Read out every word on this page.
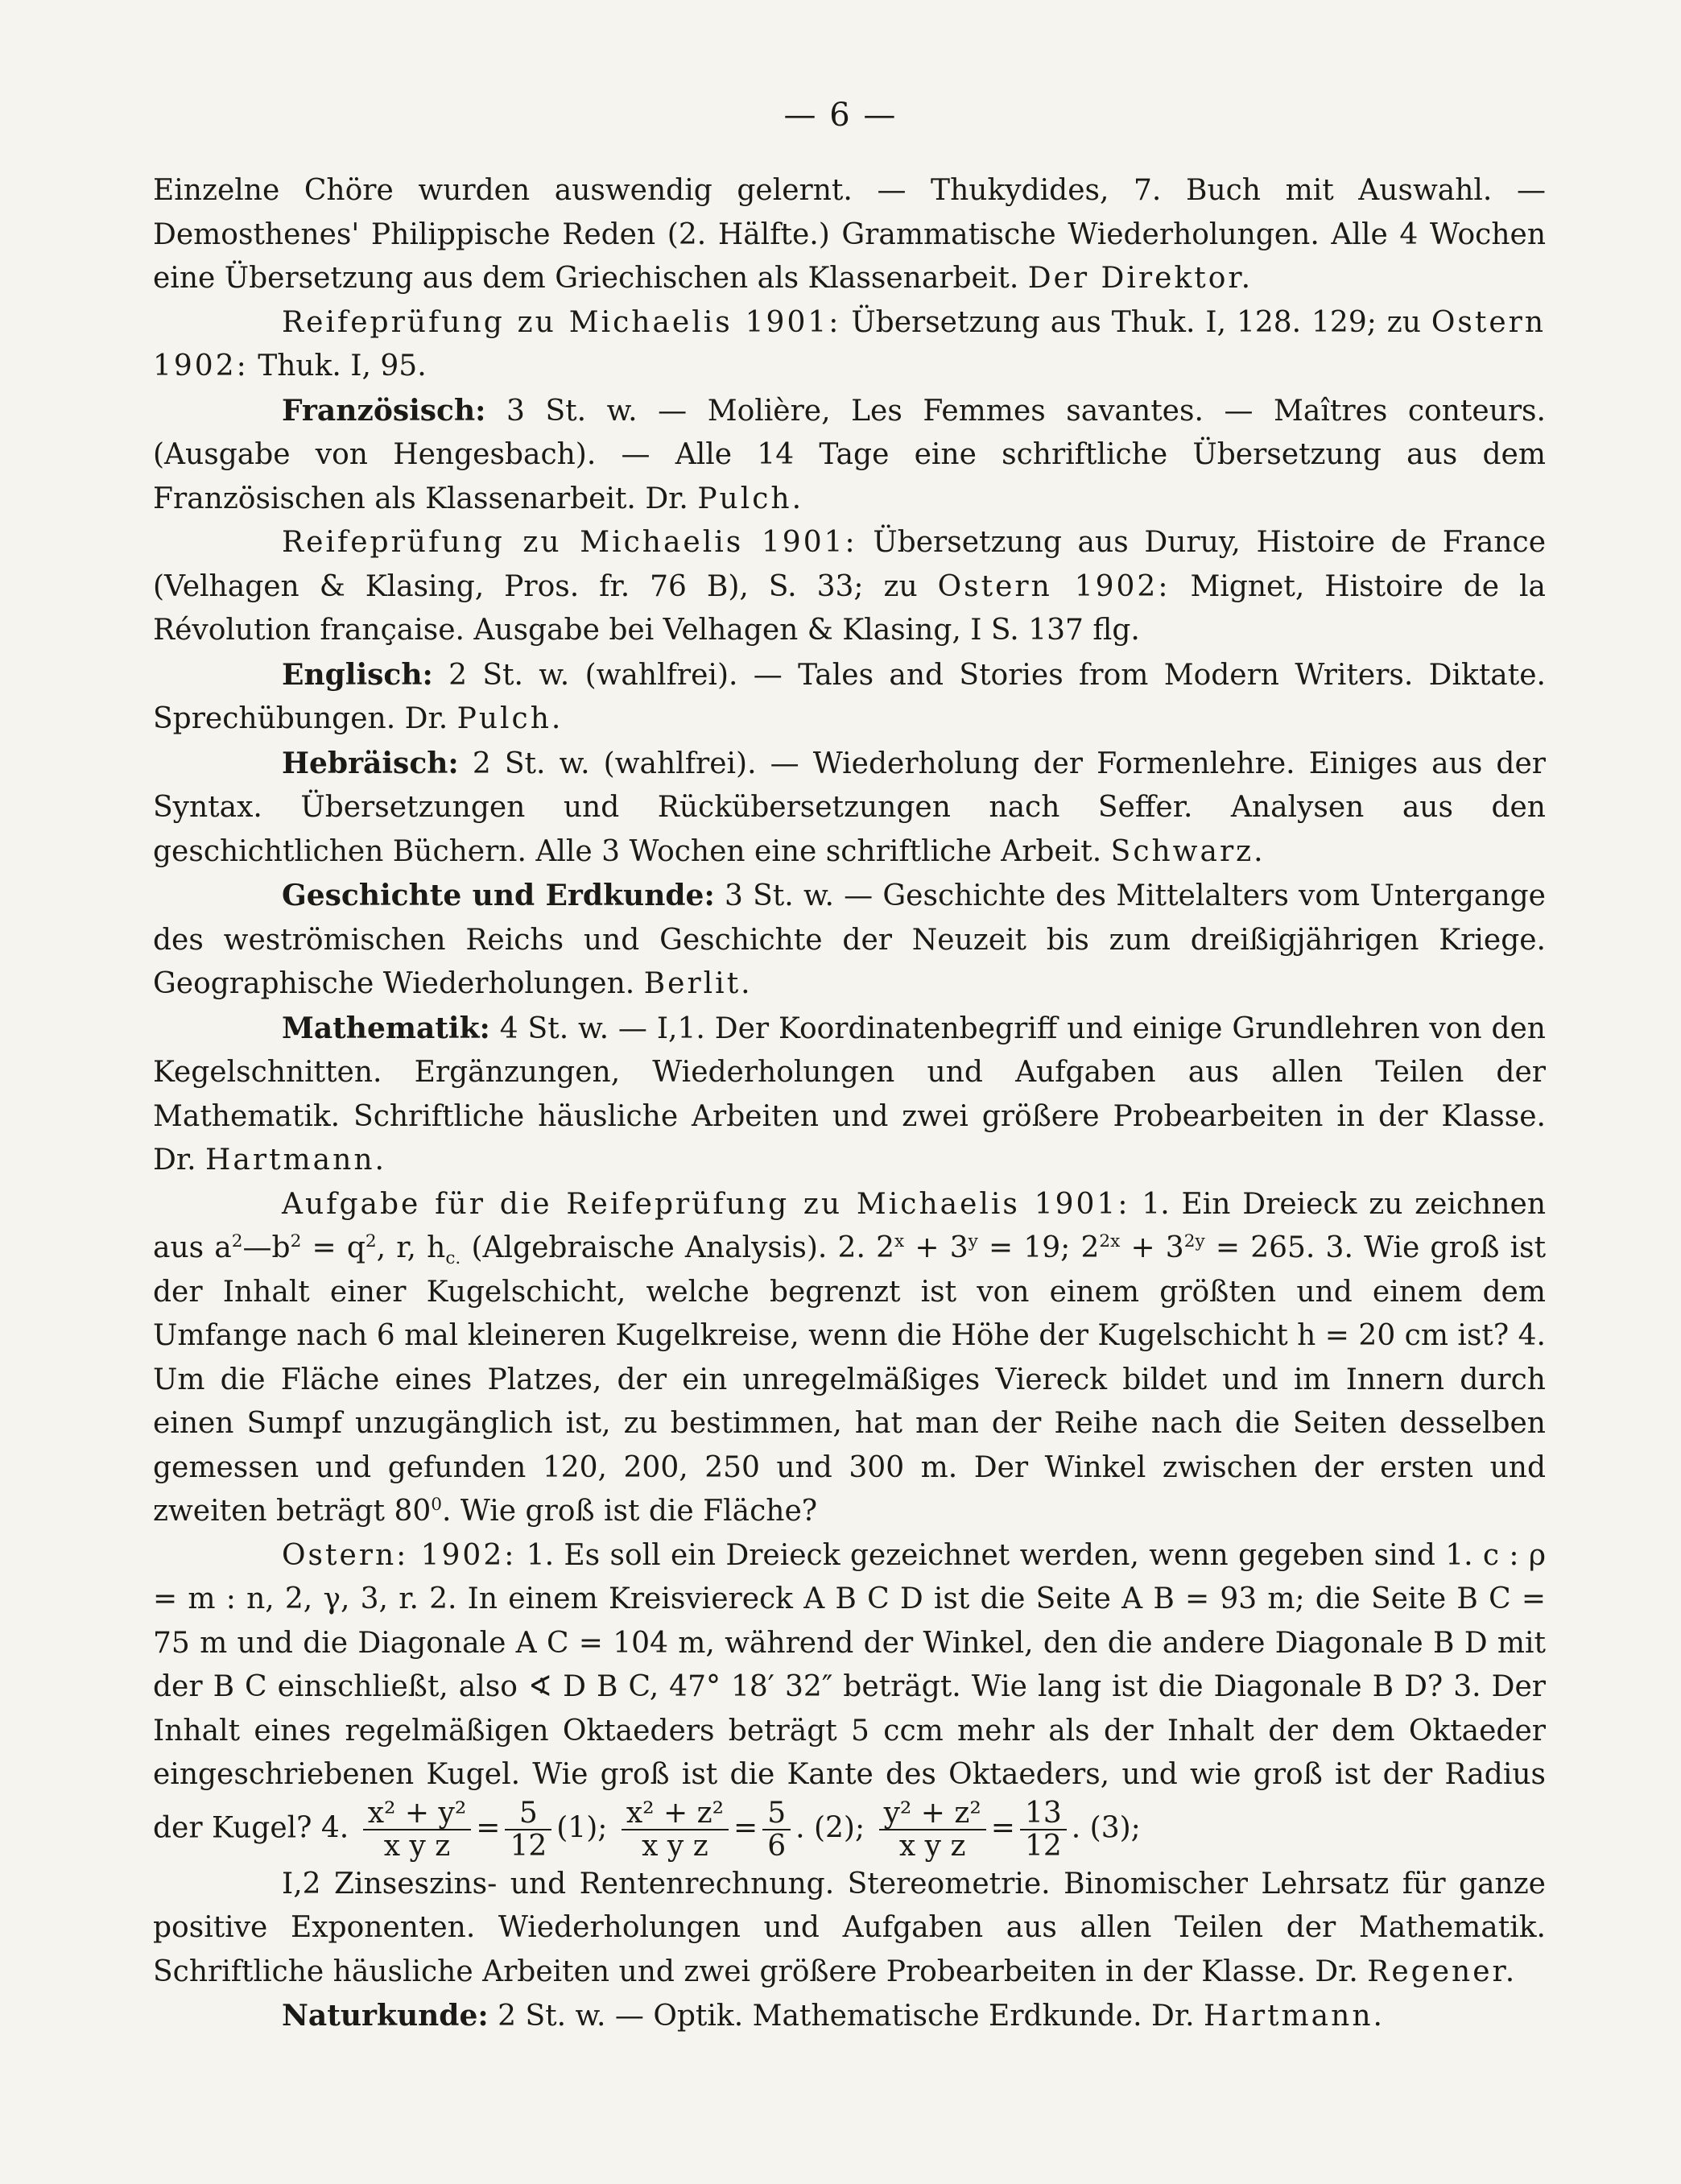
— 6 —

Einzelne Chöre wurden auswendig gelernt. — Thukydides, 7. Buch mit Auswahl. — Demosthenes' Philippische Reden (2. Hälfte.) Grammatische Wiederholungen. Alle 4 Wochen eine Übersetzung aus dem Griechischen als Klassenarbeit. Der Direktor.

Reifeprüfung zu Michaelis 1901: Übersetzung aus Thuk. I, 128. 129; zu Ostern 1902: Thuk. I, 95.

Französisch: 3 St. w. — Molière, Les Femmes savantes. — Maîtres conteurs. (Ausgabe von Hengesbach). — Alle 14 Tage eine schriftliche Übersetzung aus dem Französischen als Klassenarbeit. Dr. Pulch.

Reifeprüfung zu Michaelis 1901: Übersetzung aus Duruy, Histoire de France (Velhagen & Klasing, Pros. fr. 76 B), S. 33; zu Ostern 1902: Mignet, Histoire de la Révolution française. Ausgabe bei Velhagen & Klasing, I S. 137 flg.

Englisch: 2 St. w. (wahlfrei). — Tales and Stories from Modern Writers. Diktate. Sprechübungen. Dr. Pulch.

Hebräisch: 2 St. w. (wahlfrei). — Wiederholung der Formenlehre. Einiges aus der Syntax. Übersetzungen und Rückübersetzungen nach Seffer. Analysen aus den geschichtlichen Büchern. Alle 3 Wochen eine schriftliche Arbeit. Schwarz.

Geschichte und Erdkunde: 3 St. w. — Geschichte des Mittelalters vom Untergange des weströmischen Reichs und Geschichte der Neuzeit bis zum dreißigjährigen Kriege. Geographische Wiederholungen. Berlit.

Mathematik: 4 St. w. — I,1. Der Koordinatenbegriff und einige Grundlehren von den Kegelschnitten. Ergänzungen, Wiederholungen und Aufgaben aus allen Teilen der Mathematik. Schriftliche häusliche Arbeiten und zwei größere Probearbeiten in der Klasse. Dr. Hartmann.

Aufgabe für die Reifeprüfung zu Michaelis 1901: 1. Ein Dreieck zu zeichnen aus $a^2—b^2 = q^2$, r, $h_{c.}$ (Algebraische Analysis). 2. $2^x + 3^y = 19$; $2^{2x} + 3^{2y} = 265$. 3. Wie groß ist der Inhalt einer Kugelschicht, welche begrenzt ist von einem größten und einem dem Umfange nach 6 mal kleineren Kugelkreise, wenn die Höhe der Kugelschicht h = 20 cm ist? 4. Um die Fläche eines Platzes, der ein unregelmäßiges Viereck bildet und im Innern durch einen Sumpf unzugänglich ist, zu bestimmen, hat man der Reihe nach die Seiten desselben gemessen und gefunden 120, 200, 250 und 300 m. Der Winkel zwischen der ersten und zweiten beträgt $80^0$. Wie groß ist die Fläche?

Ostern: 1902: 1. Es soll ein Dreieck gezeichnet werden, wenn gegeben sind 1. c : ρ = m : n, 2, γ, 3, r. 2. In einem Kreisviereck A B C D ist die Seite A B = 93 m; die Seite B C = 75 m und die Diagonale A C = 104 m, während der Winkel, den die andere Diagonale B D mit der B C einschließt, also ∢ D B C, 47° 18′ 32″ beträgt. Wie lang ist die Diagonale B D? 3. Der Inhalt eines regelmäßigen Oktaeders beträgt 5 ccm mehr als der Inhalt der dem Oktaeder eingeschriebenen Kugel. Wie groß ist die Kante des Oktaeders, und wie groß ist der Radius der Kugel? 4. $\frac{\text{x² + y²}}{\text{x y z}} = \frac{5}{12} (1)$; $\frac{\text{x² + z²}}{\text{x y z}} = \frac{5}{6}$ . (2); $\frac{\text{y² + z²}}{\text{x y z}} = \frac{13}{12}$ . (3);

I,2 Zinseszins- und Rentenrechnung. Stereometrie. Binomischer Lehrsatz für ganze positive Exponenten. Wiederholungen und Aufgaben aus allen Teilen der Mathematik. Schriftliche häusliche Arbeiten und zwei größere Probearbeiten in der Klasse. Dr. Regener.

Naturkunde: 2 St. w. — Optik. Mathematische Erdkunde. Dr. Hartmann.
